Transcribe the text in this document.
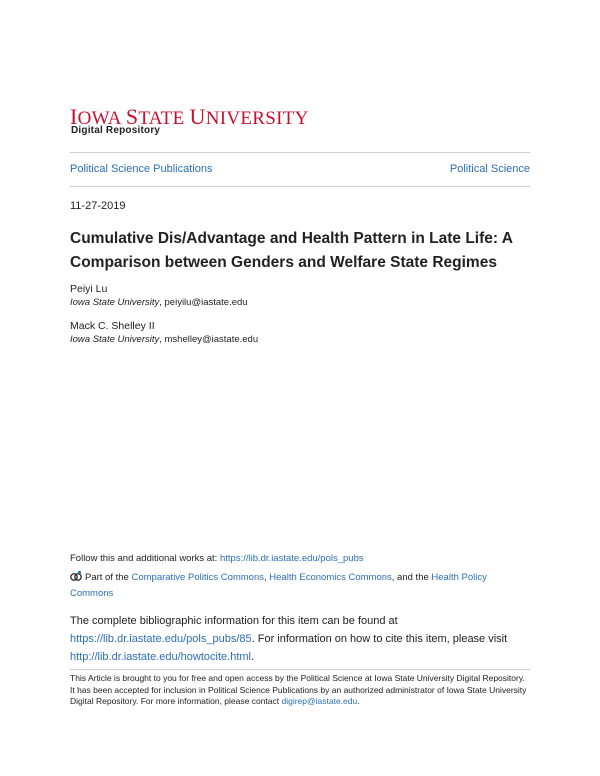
IOWA STATE UNIVERSITY
Digital Repository
Political Science Publications	Political Science
11-27-2019
Cumulative Dis/Advantage and Health Pattern in Late Life: A Comparison between Genders and Welfare State Regimes
Peiyi Lu
Iowa State University, peiyilu@iastate.edu
Mack C. Shelley II
Iowa State University, mshelley@iastate.edu
Follow this and additional works at: https://lib.dr.iastate.edu/pols_pubs
Part of the Comparative Politics Commons, Health Economics Commons, and the Health Policy Commons
The complete bibliographic information for this item can be found at https://lib.dr.iastate.edu/pols_pubs/85. For information on how to cite this item, please visit http://lib.dr.iastate.edu/howtocite.html.
This Article is brought to you for free and open access by the Political Science at Iowa State University Digital Repository. It has been accepted for inclusion in Political Science Publications by an authorized administrator of Iowa State University Digital Repository. For more information, please contact digirep@iastate.edu.
